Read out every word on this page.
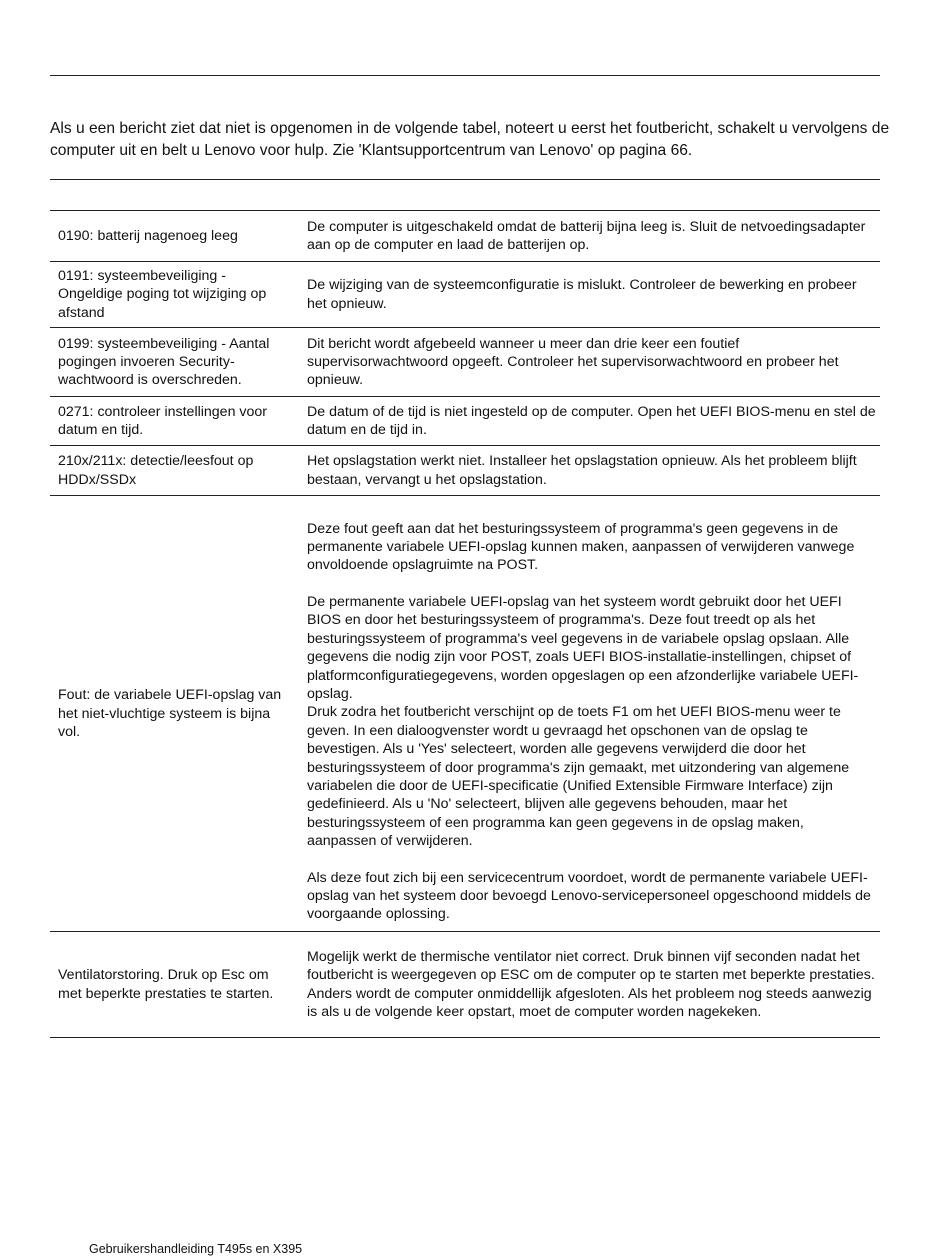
Als u een bericht ziet dat niet is opgenomen in de volgende tabel, noteert u eerst het foutbericht, schakelt u vervolgens de computer uit en belt u Lenovo voor hulp. Zie 'Klantsupportcentrum van Lenovo' op pagina 66.

0190: batterij nagenoeg leeg	De computer is uitgeschakeld omdat de batterij bijna leeg is. Sluit de netvoedingsadapter aan op de computer en laad de batterijen op.

0191: systeembeveiliging - Ongeldige poging tot wijziging op afstand	De wijziging van de systeemconfiguratie is mislukt. Controleer de bewerking en probeer het opnieuw.

0199: systeembeveiliging - Aantal pogingen invoeren Security-wachtwoord is overschreden.	Dit bericht wordt afgebeeld wanneer u meer dan drie keer een foutief supervisorwachtwoord opgeeft. Controleer het supervisorwachtwoord en probeer het opnieuw.

0271: controleer instellingen voor datum en tijd.	De datum of de tijd is niet ingesteld op de computer. Open het UEFI BIOS-menu en stel de datum en de tijd in.

210x/211x: detectie/leesfout op HDDx/SSDx	Het opslagstation werkt niet. Installeer het opslagstation opnieuw. Als het probleem blijft bestaan, vervangt u het opslagstation.

Fout: de variabele UEFI-opslag van het niet-vluchtige systeem is bijna vol.	Deze fout geeft aan dat het besturingssysteem of programma's geen gegevens in de permanente variabele UEFI-opslag kunnen maken, aanpassen of verwijderen vanwege onvoldoende opslagruimte na POST.

De permanente variabele UEFI-opslag van het systeem wordt gebruikt door het UEFI BIOS en door het besturingssysteem of programma's. Deze fout treedt op als het besturingssysteem of programma's veel gegevens in de variabele opslag opslaan. Alle gegevens die nodig zijn voor POST, zoals UEFI BIOS-installatie-instellingen, chipset of platformconfiguratiegegevens, worden opgeslagen op een afzonderlijke variabele UEFI-opslag.

Druk zodra het foutbericht verschijnt op de toets F1 om het UEFI BIOS-menu weer te geven. In een dialoogvenster wordt u gevraagd het opschonen van de opslag te bevestigen. Als u 'Yes' selecteert, worden alle gegevens verwijderd die door het besturingssysteem of door programma's zijn gemaakt, met uitzondering van algemene variabelen die door de UEFI-specificatie (Unified Extensible Firmware Interface) zijn gedefinieerd. Als u 'No' selecteert, blijven alle gegevens behouden, maar het besturingssysteem of een programma kan geen gegevens in de opslag maken, aanpassen of verwijderen.

Als deze fout zich bij een servicecentrum voordoet, wordt de permanente variabele UEFI-opslag van het systeem door bevoegd Lenovo-servicepersoneel opgeschoond middels de voorgaande oplossing.

Ventilatorstoring. Druk op Esc om met beperkte prestaties te starten.	Mogelijk werkt de thermische ventilator niet correct. Druk binnen vijf seconden nadat het foutbericht is weergegeven op ESC om de computer op te starten met beperkte prestaties. Anders wordt de computer onmiddellijk afgesloten. Als het probleem nog steeds aanwezig is als u de volgende keer opstart, moet de computer worden nagekeken.

Gebruikershandleiding T495s en X395
